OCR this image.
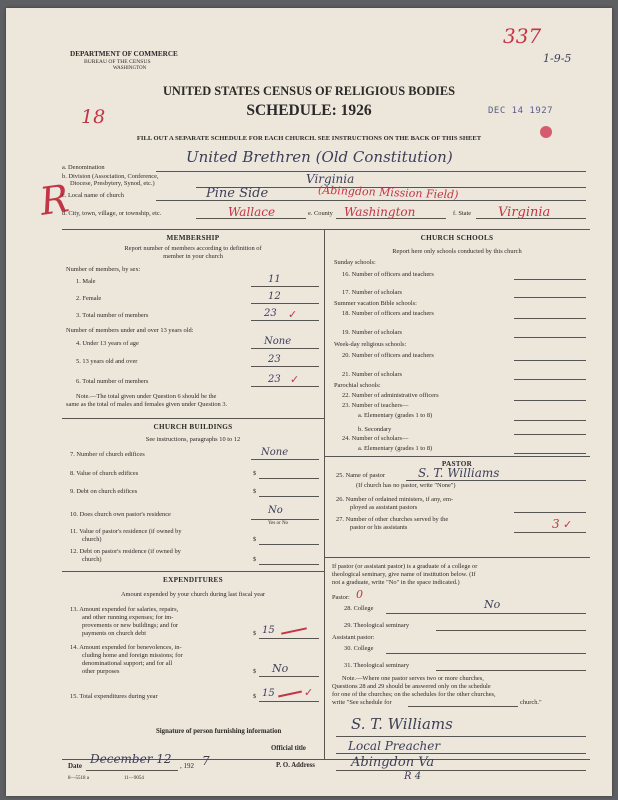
DEPARTMENT OF COMMERCE
BUREAU OF THE CENSUS
WASHINGTON
UNITED STATES CENSUS OF RELIGIOUS BODIES
SCHEDULE: 1926	DEC 14 1927
337
1-9-5
18
FILL OUT A SEPARATE SCHEDULE FOR EACH CHURCH. SEE INSTRUCTIONS ON THE BACK OF THIS SHEET
R
a. Denomination
United Brethren (Old Constitution)
b. Division (Association, Conference,
Diocese, Presbytery, Synod, etc.)	Virginia
c. Local name of church	Pine Side	(Abingdon Mission Field)
d. City, town, village, or township, etc.	Wallace	e. County Washington	f. State Virginia
MEMBERSHIP
Report number of members according to definition of
member in your church
Number of members, by sex:
1. Male	11
2. Female	12
3. Total number of members	23 ✓
Number of members under and over 13 years old:
4. Under 13 years of age	None
5. 13 years old and over	23
6. Total number of members	23 ✓
Note.—The total given under Question 6 should be the
same as the total of males and females given under Question 3.
CHURCH BUILDINGS
See instructions, paragraphs 10 to 12
7. Number of church edifices	None
8. Value of church edifices	$
9. Debt on church edifices	$
10. Does church own pastor's residence	No
Yes or No
11. Value of pastor's residence (if owned by
church)	$
12. Debt on pastor's residence (if owned by
church)	$
EXPENDITURES
Amount expended by your church during last fiscal year
13. Amount expended for salaries, repairs,
and other running expenses; for im-
provements or new buildings; and for
payments on church debt	$ 15
14. Amount expended for benevolences, in-
cluding home and foreign missions; for
denominational support; and for all
other purposes	$ No
15. Total expenditures during year	$ 15	✓
CHURCH SCHOOLS
Report here only schools conducted by this church
Sunday schools:
16. Number of officers and teachers
17. Number of scholars
Summer vacation Bible schools:
18. Number of officers and teachers
19. Number of scholars
Week-day religious schools:
20. Number of officers and teachers
21. Number of scholars
Parochial schools:
22. Number of administrative officers
23. Number of teachers—
a. Elementary (grades 1 to 8)
b. Secondary
24. Number of scholars—
a. Elementary (grades 1 to 8)
PASTOR
25. Name of pastor	S. T. Williams
(If church has no pastor, write "None")
26. Number of ordained ministers, if any, em-
ployed as assistant pastors
27. Number of other churches served by the
pastor or his assistants	3 ✓
If pastor (or assistant pastor) is a graduate of a college or
theological seminary, give name of institution below. (If
not a graduate, write "No" in the space indicated.)
Pastor: 0
28. College	No
29. Theological seminary
Assistant pastor:
30. College
31. Theological seminary
Note.—Where one pastor serves two or more churches,
Questions 28 and 29 should be answered only on the schedule
for one of the churches; on the schedules for the other churches,
write "See schedule for	church."
Signature of person furnishing information	S. T. Williams
Official title	Local Preacher
Date December 12 , 192 7	P. O. Address	Abingdon Va
R 4
8—5518 a	11—9054
